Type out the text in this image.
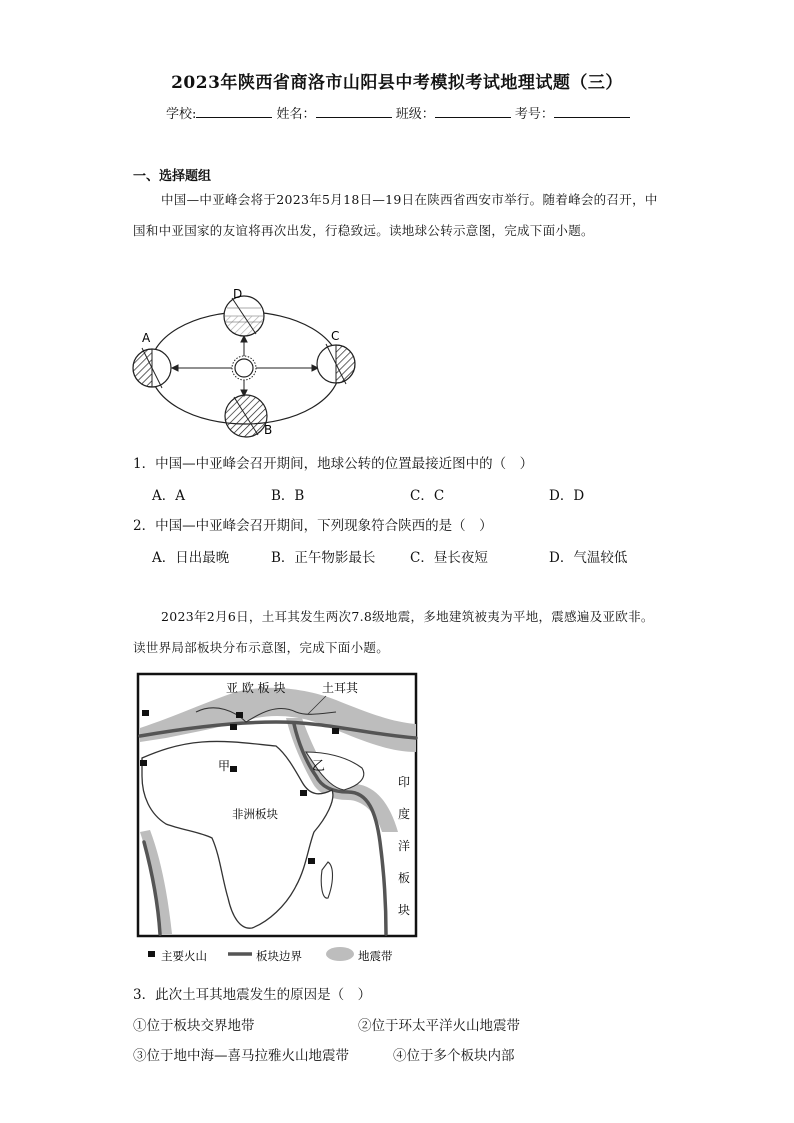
2023年陕西省商洛市山阳县中考模拟考试地理试题（三）
学校:	姓名：	班级：	考号：
一、选择题组
中国—中亚峰会将于2023年5月18日—19日在陕西省西安市举行。随着峰会的召开，中国和中亚国家的友谊将再次出发，行稳致远。读地球公转示意图，完成下面小题。
A
B
C
D
1．中国—中亚峰会召开期间，地球公转的位置最接近图中的（　）
A．A	B．B	C．C	D．D
2．中国—中亚峰会召开期间，下列现象符合陕西的是（　）
A．日出最晚	B．正午物影最长	C．昼长夜短	D．气温较低
2023年2月6日，土耳其发生两次7.8级地震，多地建筑被夷为平地，震感遍及亚欧非。读世界局部板块分布示意图，完成下面小题。
亚 欧 板 块	土耳其
甲	乙
非洲板块
印
度
洋
板
块
主要火山	板块边界	地震带
3．此次土耳其地震发生的原因是（　）
①位于板块交界地带	②位于环太平洋火山地震带
③位于地中海—喜马拉雅火山地震带	④位于多个板块内部
